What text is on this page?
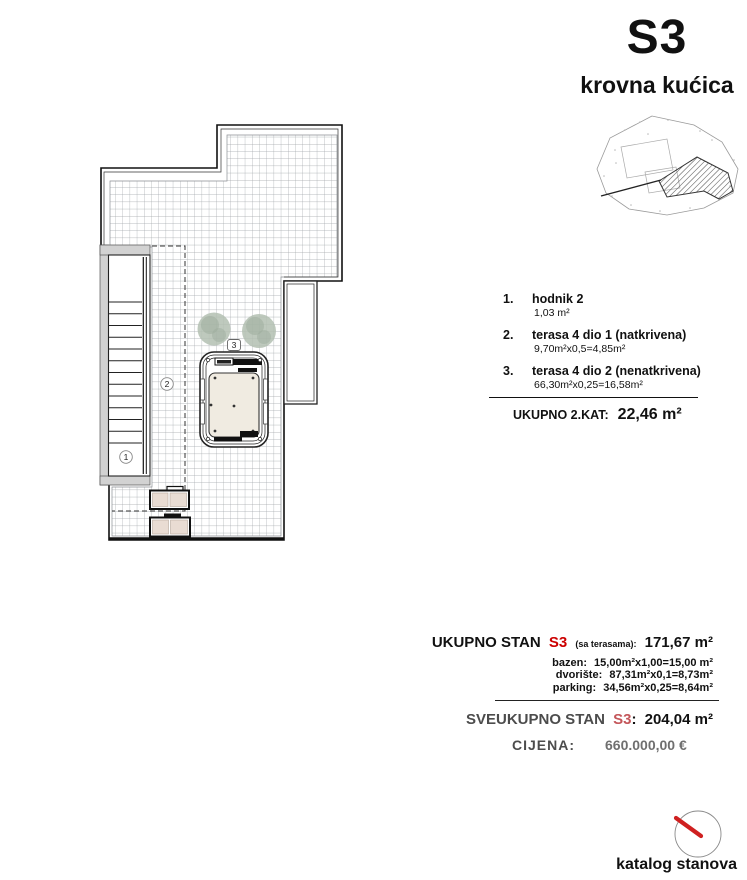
1
2
3
S3
krovna kućica
1.	hodnik 2
1,03 m²
2.	terasa 4 dio 1 (natkrivena)
9,70m²x0,5=4,85m²
3.	terasa 4 dio 2 (nenatkrivena)
66,30m²x0,25=16,58m²
UKUPNO 2.KAT: 22,46 m²
UKUPNO STAN S3 (sa terasama): 171,67 m²
bazen: 15,00m²x1,00=15,00 m²
dvorište: 87,31m²x0,1=8,73m²
parking: 34,56m²x0,25=8,64m²
SVEUKUPNO STAN S3: 204,04 m²
CIJENA: 660.000,00 €
katalog stanova
